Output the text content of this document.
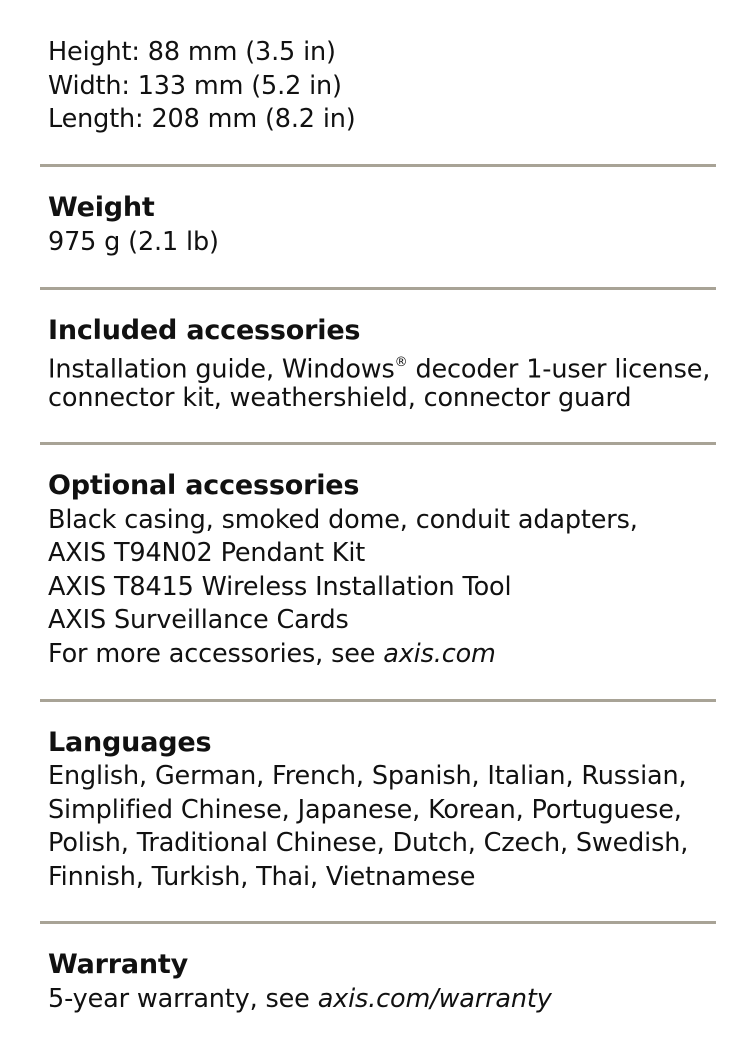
Height: 88 mm (3.5 in)
Width: 133 mm (5.2 in)
Length: 208 mm (8.2 in)
Weight
975 g (2.1 lb)
Included accessories
Installation guide, Windows® decoder 1-user license,
connector kit, weathershield, connector guard
Optional accessories
Black casing, smoked dome, conduit adapters,
AXIS T94N02 Pendant Kit
AXIS T8415 Wireless Installation Tool
AXIS Surveillance Cards
For more accessories, see axis.com
Languages
English, German, French, Spanish, Italian, Russian,
Simplified Chinese, Japanese, Korean, Portuguese,
Polish, Traditional Chinese, Dutch, Czech, Swedish,
Finnish, Turkish, Thai, Vietnamese
Warranty
5-year warranty, see axis.com/warranty
